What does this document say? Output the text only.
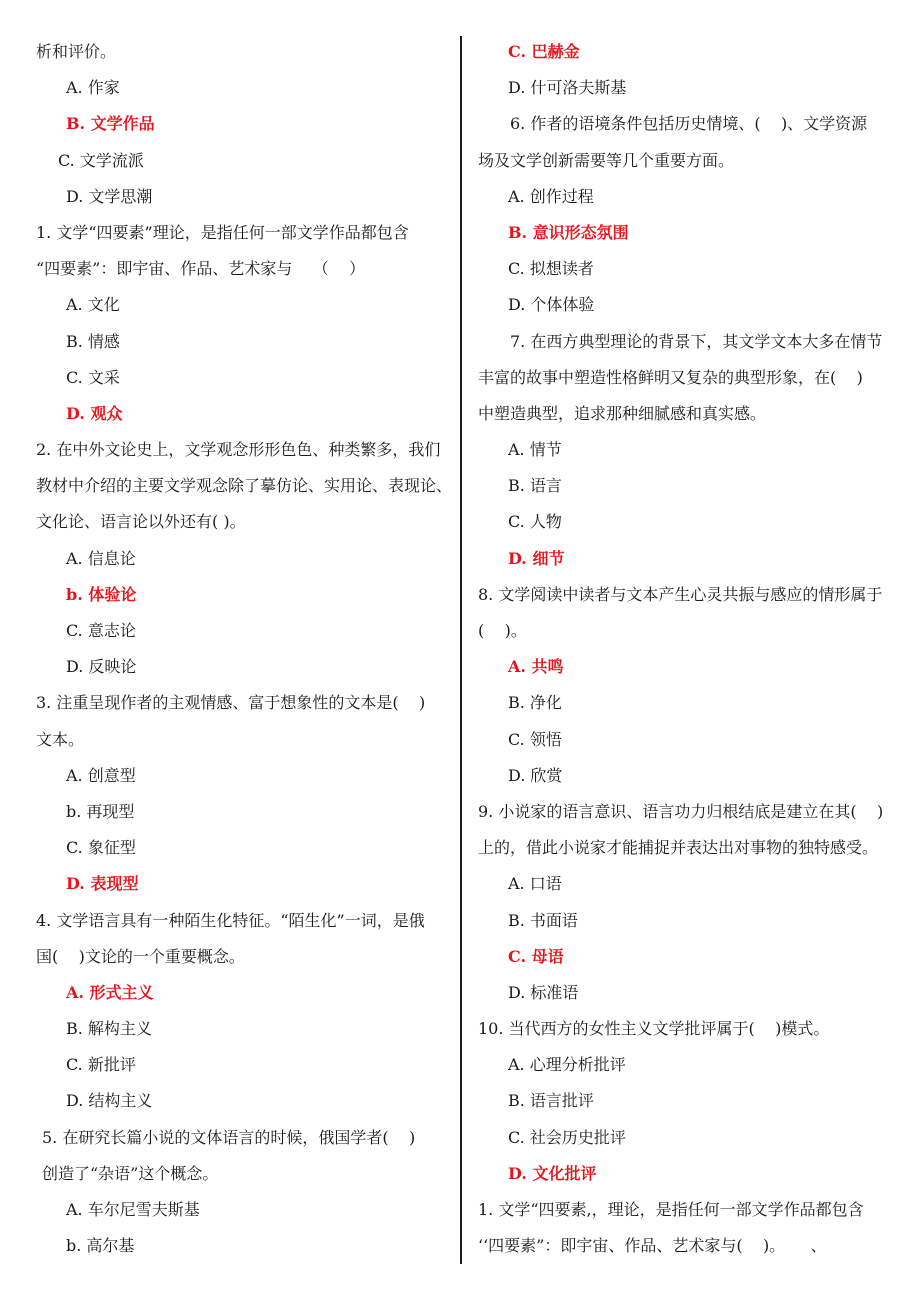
析和评价。
A. 作家
B. 文学作品
C. 文学流派
D. 文学思潮
1. 文学“四要素”理论，是指任何一部文学作品都包含
“四要素”：即宇宙、作品、艺术家与    （    ）
A. 文化
B. 情感
C. 文采
D. 观众
2. 在中外文论史上，文学观念形形色色、种类繁多，我们
教材中介绍的主要文学观念除了摹仿论、实用论、表现论、
文化论、语言论以外还有( )。
A. 信息论
b. 体验论
C. 意志论
D. 反映论
3. 注重呈现作者的主观情感、富于想象性的文本是(    )
文本。
A. 创意型
b. 再现型
C. 象征型
D. 表现型
4. 文学语言具有一种陌生化特征。“陌生化”一词，是俄
国(    )文论的一个重要概念。
A. 形式主义
B. 解构主义
C. 新批评
D. 结构主义
5. 在研究长篇小说的文体语言的时候，俄国学者(    )
创造了“杂语”这个概念。
A. 车尔尼雪夫斯基
b. 高尔基
C. 巴赫金
D. 什可洛夫斯基
6. 作者的语境条件包括历史情境、(    )、文学资源
场及文学创新需要等几个重要方面。
A. 创作过程
B. 意识形态氛围
C. 拟想读者
D. 个体体验
7. 在西方典型理论的背景下，其文学文本大多在情节
丰富的故事中塑造性格鲜明又复杂的典型形象，在(    )
中塑造典型，追求那种细腻感和真实感。
A. 情节
B. 语言
C. 人物
D. 细节
8. 文学阅读中读者与文本产生心灵共振与感应的情形属于
(    )。
A. 共鸣
B. 净化
C. 领悟
D. 欣赏
9. 小说家的语言意识、语言功力归根结底是建立在其(    )
上的，借此小说家才能捕捉并表达出对事物的独特感受。
A. 口语
B. 书面语
C. 母语
D. 标准语
10. 当代西方的女性主义文学批评属于(    )模式。
A. 心理分析批评
B. 语言批评
C. 社会历史批评
D. 文化批评
1. 文学“四要素,，理论，是指任何一部文学作品都包含
‘‘四要素”：即宇宙、作品、艺术家与(    )。     、
